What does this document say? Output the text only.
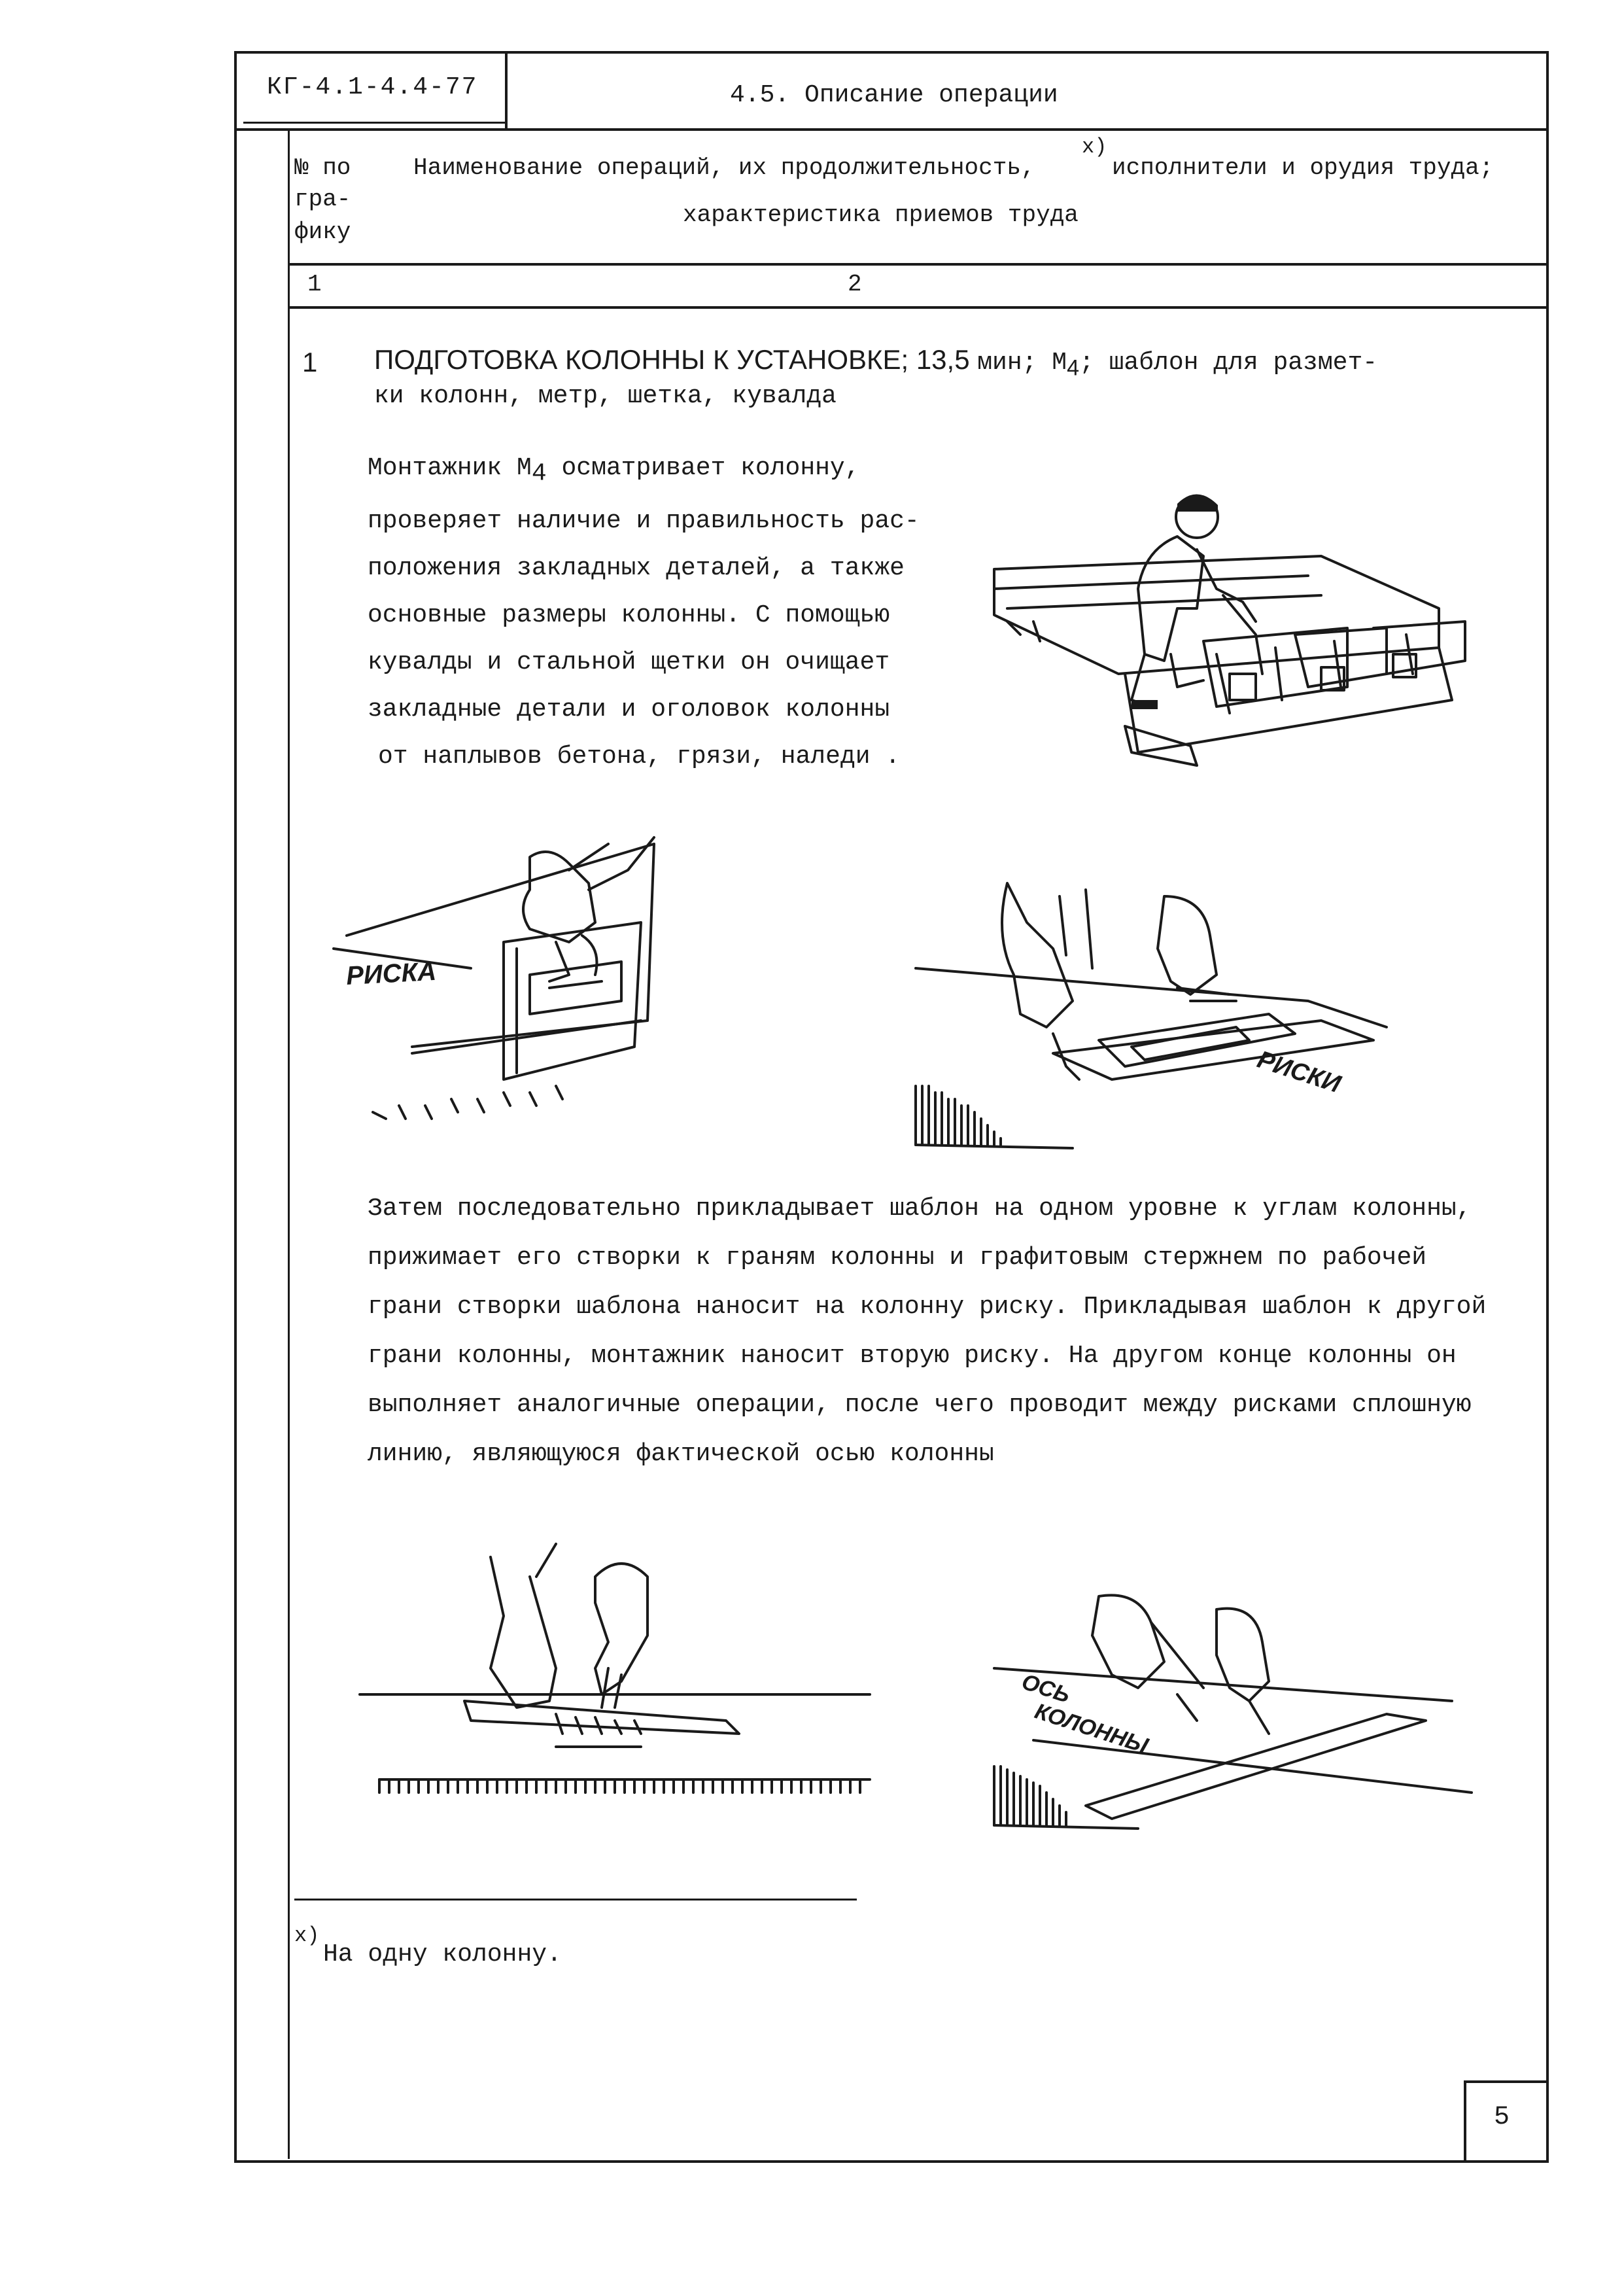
КГ-4.1-4.4-77	4.5. Описание операции
№ по
гра-
фику
Наименование операций, их продолжительность,
x)
исполнители и орудия труда;
характеристика приемов труда
1	2
1 ПОДГОТОВКА КОЛОННЫ К УСТАНОВКЕ; 13,5 мин; $М_4$; шаблон для размет-
ки колонн, метр, шетка, кувалда
Монтажник $М_4$ осматривает колонну,
проверяет наличие и правильность рас-
положения закладных деталей, а также
основные размеры колонны. С помощью
кувалды и стальной щетки он очищает
закладные детали и оголовок колонны
от наплывов бетона, грязи, наледи .
РИСКА
РИСКИ
Затем последовательно прикладывает шаблон на одном уровне к углам колонны,
прижимает его створки к граням колонны и графитовым стержнем по рабочей
грани створки шаблона наносит на колонну риску. Прикладывая шаблон к другой
грани колонны, монтажник наносит вторую риску. На другом конце колонны он
выполняет аналогичные операции, после чего проводит между рисками сплошную
линию, являющуюся фактической осью колонны
ОСЬ
КОЛОННЫ
x)
На одну колонну.
5
